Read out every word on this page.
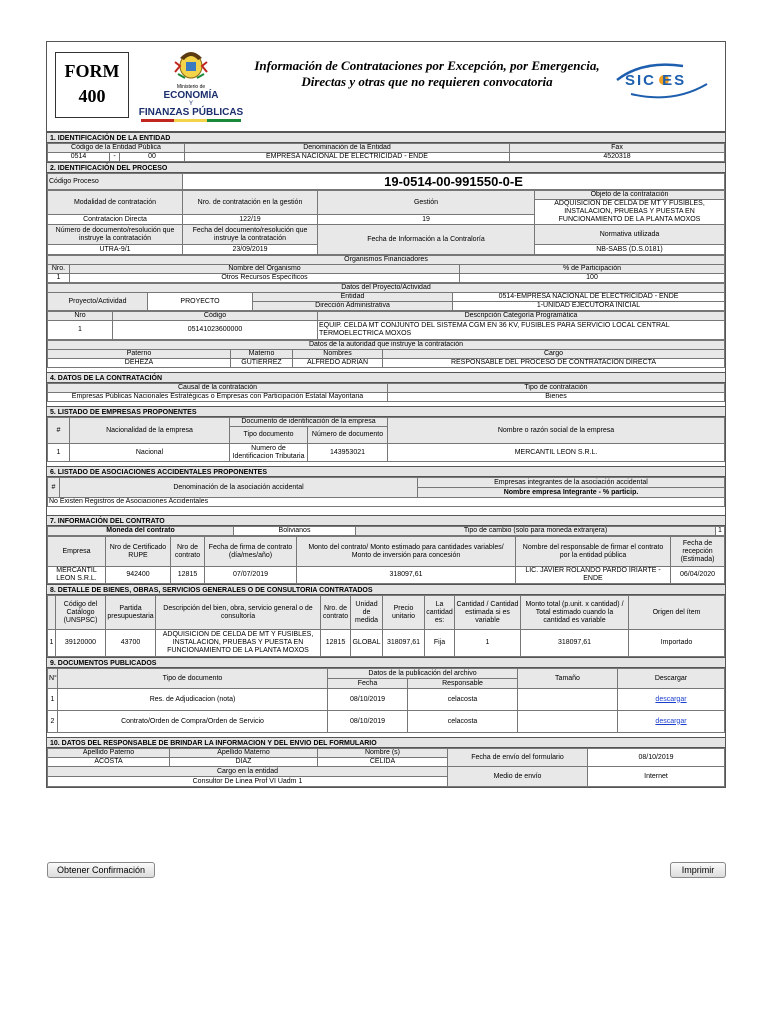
FORM
400	Ministerio de
ECONOMÍA
Y
FINANZAS PÚBLICAS
Información de Contrataciones por Excepción, por Emergencia, Directas y otras que no requieren convocatoria	SIC ES
1. IDENTIFICACIÓN DE LA ENTIDAD
Código de la Entidad Pública			Denominación de la Entidad	Fax
0514	-	00	EMPRESA NACIONAL DE ELECTRICIDAD - ENDE	4520318
2. IDENTIFICACIÓN DEL PROCESO
Código Proceso	19-0514-00-991550-0-E
Modalidad de contratación	Nro. de contratación en la gestión	Gestión	Objeto de la contratación
			ADQUISICION DE CELDA DE MT Y FUSIBLES, INSTALACION, PRUEBAS Y PUESTA EN FUNCIONAMIENTO DE LA PLANTA MOXOS
Contratacion Directa	122/19	19	
Número de documento/resolución que instruye la contratación	Fecha del documento/resolución que instruye la contratación	Fecha de Información a la Contraloría	Normativa utilizada
UTRA-9/1	23/09/2019		NB-SABS (D.S.0181)
Organismos Financiadores		
Nro.	Nombre del Organismo	% de Participación
1	Otros Recursos Específicos	100
Datos del Proyecto/Actividad			
Proyecto/Actividad	PROYECTO	Entidad	0514-EMPRESA NACIONAL DE ELECTRICIDAD - ENDE
		Dirección Administrativa	1-UNIDAD EJECUTORA INICIAL
Nro	Código	Descripción Categoría Programática
1	05141023600000	EQUIP. CELDA MT CONJUNTO DEL SISTEMA CGM EN 36 KV, FUSIBLES PARA SERVICIO LOCAL CENTRAL TERMOELECTRICA MOXOS
Datos de la autoridad que instruye la contratación			
Paterno	Materno	Nombres	Cargo
DEHEZA	GUTIERREZ	ALFREDO ADRIAN	RESPONSABLE DEL PROCESO DE CONTRATACION DIRECTA
4. DATOS DE LA CONTRATACIÓN
Causal de la contratación	Tipo de contratación
Empresas Públicas Nacionales Estratégicas o Empresas con Participación Estatal Mayoritaria	Bienes
5. LISTADO DE EMPRESAS PROPONENTES
#	Nacionalidad de la empresa	Documento de identificación de la empresa		Nombre o razón social de la empresa
		Tipo documento	Número de documento	
1	Nacional	Numero de Identificacion Tributaria	143953021	MERCANTIL LEON S.R.L.
6. LISTADO DE ASOCIACIONES ACCIDENTALES PROPONENTES
#	Denominación de la asociación accidental	Empresas integrantes de la asociación accidental
Nombre empresa Integrante - % particip.
No Existen Registros de Asociaciones Accidentales
7. INFORMACIÓN DEL CONTRATO
Moneda del contrato	Bolivianos	Tipo de cambio (solo para moneda extranjera)	1
Empresa	Nro de Certificado RUPE	Nro de contrato	Fecha de firma de contrato (día/mes/año)	Monto del contrato/ Monto estimado para cantidades variables/ Monto de inversión para concesión	Nombre del responsable de firmar el contrato por la entidad pública	Fecha de recepción (Estimada)
MERCANTIL LEON S.R.L.	942400	12815	07/07/2019	318097,61	LIC. JAVIER ROLANDO PARDO IRIARTE - ENDE	06/04/2020
8. DETALLE DE BIENES, OBRAS, SERVICIOS GENERALES O DE CONSULTORIA CONTRATADOS
	Código del Catálogo (UNSPSC)	Partida presupuestaria	Descripción del bien, obra, servicio general o de consultoría	Nro. de contrato	Unidad de medida	Precio unitario	La cantidad es:	Cantidad / Cantidad estimada si es variable	Monto total (p.unit. x cantidad) / Total estimado cuando la cantidad es variable	Origen del ítem
1	39120000	43700	ADQUISICION DE CELDA DE MT Y FUSIBLES, INSTALACION, PRUEBAS Y PUESTA EN FUNCIONAMIENTO DE LA PLANTA MOXOS	12815	GLOBAL	318097,61	Fija	1	318097,61	Importado
9. DOCUMENTOS PUBLICADOS
N°	Tipo de documento	Datos de la publicación del archivo		Tamaño	Descargar
		Fecha	Responsable		
1	Res. de Adjudicacion (nota)	08/10/2019	celacosta		descargar
2	Contrato/Orden de Compra/Orden de Servicio	08/10/2019	celacosta		descargar
10. DATOS DEL RESPONSABLE DE BRINDAR LA INFORMACION Y DEL ENVIO DEL FORMULARIO
Apellido Paterno	Apellido Materno	Nombre (s)	Fecha de envío del formulario	08/10/2019
ACOSTA	DIAZ	CELIDA		
Cargo en la entidad			Medio de envío	Internet
Consultor De Linea Prof VI Uadm 1				
Obtener Confirmación	Imprimir
